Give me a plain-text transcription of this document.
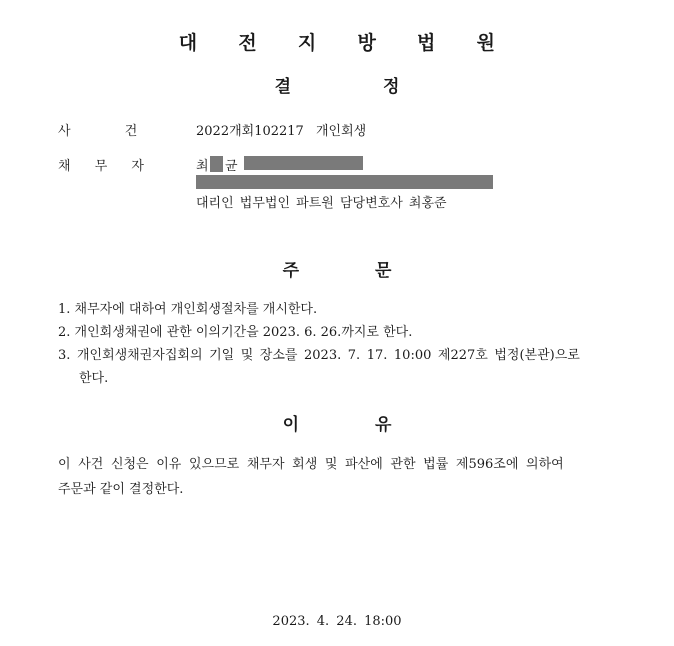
대 전 지 방 법 원
결 정
사 건	2022개회102217 개인회생
채 무 자	최 균
대리인 법무법인 파트원 담당변호사 최홍준
주 문
1. 채무자에 대하여 개인회생절차를 개시한다.
2. 개인회생채권에 관한 이의기간을 2023. 6. 26.까지로 한다.
3. 개인회생채권자집회의 기일 및 장소를 2023. 7. 17. 10:00 제227호 법정(본관)으로
한다.
이 유
이 사건 신청은 이유 있으므로 채무자 회생 및 파산에 관한 법률 제596조에 의하여
주문과 같이 결정한다.
2023. 4. 24. 18:00
